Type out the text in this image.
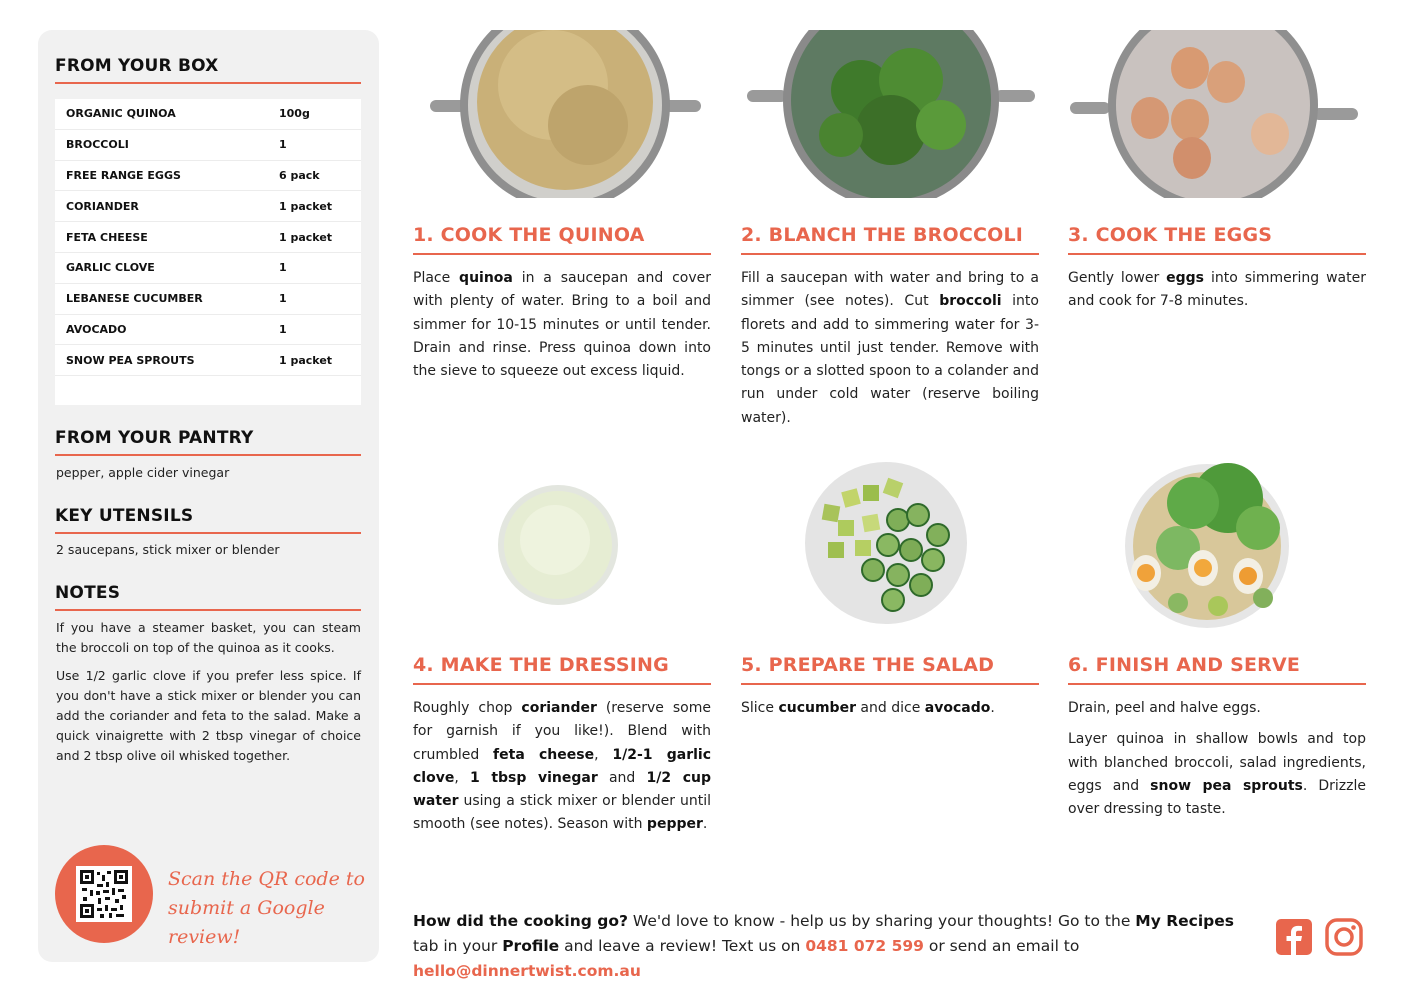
FROM YOUR BOX
ORGANIC QUINOA	100g
BROCCOLI	1
FREE RANGE EGGS	6 pack
CORIANDER	1 packet
FETA CHEESE	1 packet
GARLIC CLOVE	1
LEBANESE CUCUMBER	1
AVOCADO	1
SNOW PEA SPROUTS	1 packet
FROM YOUR PANTRY
pepper, apple cider vinegar
KEY UTENSILS
2 saucepans, stick mixer or blender
NOTES

If you have a steamer basket, you can steam the broccoli on top of the quinoa as it cooks.

Use 1/2 garlic clove if you prefer less spice. If you don't have a stick mixer or blender you can add the coriander and feta to the salad. Make a quick vinaigrette with 2 tbsp vinegar of choice and 2 tbsp olive oil whisked together.

Scan the QR code to
submit a Google review!
1. COOK THE QUINOA

Place quinoa in a saucepan and cover with plenty of water. Bring to a boil and simmer for 10-15 minutes or until tender. Drain and rinse. Press quinoa down into the sieve to squeeze out excess liquid.

2. BLANCH THE BROCCOLI

Fill a saucepan with water and bring to a simmer (see notes). Cut broccoli into florets and add to simmering water for 3-5 minutes until just tender. Remove with tongs or a slotted spoon to a colander and run under cold water (reserve boiling water).

3. COOK THE EGGS

Gently lower eggs into simmering water and cook for 7-8 minutes.

4. MAKE THE DRESSING

Roughly chop coriander (reserve some for garnish if you like!). Blend with crumbled feta cheese, 1/2-1 garlic clove, 1 tbsp vinegar and 1/2 cup water using a stick mixer or blender until smooth (see notes). Season with pepper.

5. PREPARE THE SALAD

Slice cucumber and dice avocado.

6. FINISH AND SERVE

Drain, peel and halve eggs.

Layer quinoa in shallow bowls and top with blanched broccoli, salad ingredients, eggs and snow pea sprouts. Drizzle over dressing to taste.

How did the cooking go? We'd love to know - help us by sharing your thoughts! Go to the My Recipes tab in your Profile and leave a review! Text us on 0481 072 599 or send an email to hello@dinnertwist.com.au
